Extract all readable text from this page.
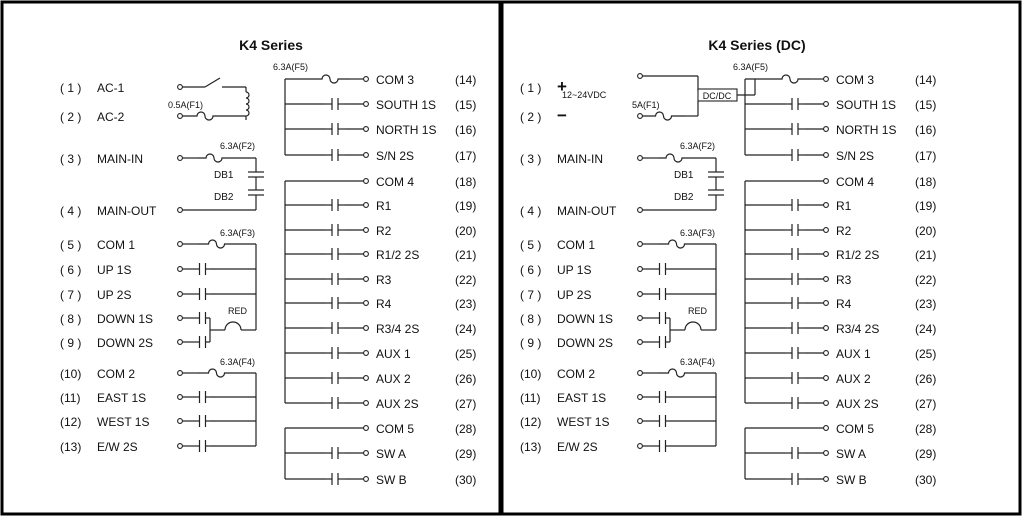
K4 Series
( 1 ) AC-1
( 2 ) AC-2
( 3 ) MAIN-IN
( 4 ) MAIN-OUT
( 5 ) COM 1
( 6 ) UP 1S
( 7 ) UP 2S
( 8 ) DOWN 1S
( 9 ) DOWN 2S
(10) COM 2
(11) EAST 1S
(12) WEST 1S
(13) E/W 2S
COM 3	(14)
SOUTH 1S (15)
NORTH 1S (16)
S/N 2S	(17)
COM 4	(18)
R1	(19)
R2	(20)
R1/2 2S	(21)
R3	(22)
R4	(23)
R3/4 2S	(24)
AUX 1	(25)
AUX 2	(26)
AUX 2S	(27)
COM 5	(28)
SW A	(29)
SW B	(30)
6.3A(F5)
6.3A(F3)
RED
6.3A(F4)
6.3A(F2)
DB1
DB2
0.5A(F1)
K4 Series (DC)
( 1 ) +
( 2 ) −
( 3 ) MAIN-IN
( 4 ) MAIN-OUT
( 5 ) COM 1
( 6 ) UP 1S
( 7 ) UP 2S
( 8 ) DOWN 1S
( 9 ) DOWN 2S
(10) COM 2
(11) EAST 1S
(12) WEST 1S
(13) E/W 2S
COM 3	(14)
SOUTH 1S (15)
NORTH 1S (16)
S/N 2S	(17)
COM 4	(18)
R1	(19)
R2	(20)
R1/2 2S	(21)
R3	(22)
R4	(23)
R3/4 2S	(24)
AUX 1	(25)
AUX 2	(26)
AUX 2S	(27)
COM 5	(28)
SW A	(29)
SW B	(30)
6.3A(F5)
6.3A(F3)
RED
6.3A(F4)
6.3A(F2)
DB1
DB2
12~24VDC	DC/DC
5A(F1)
